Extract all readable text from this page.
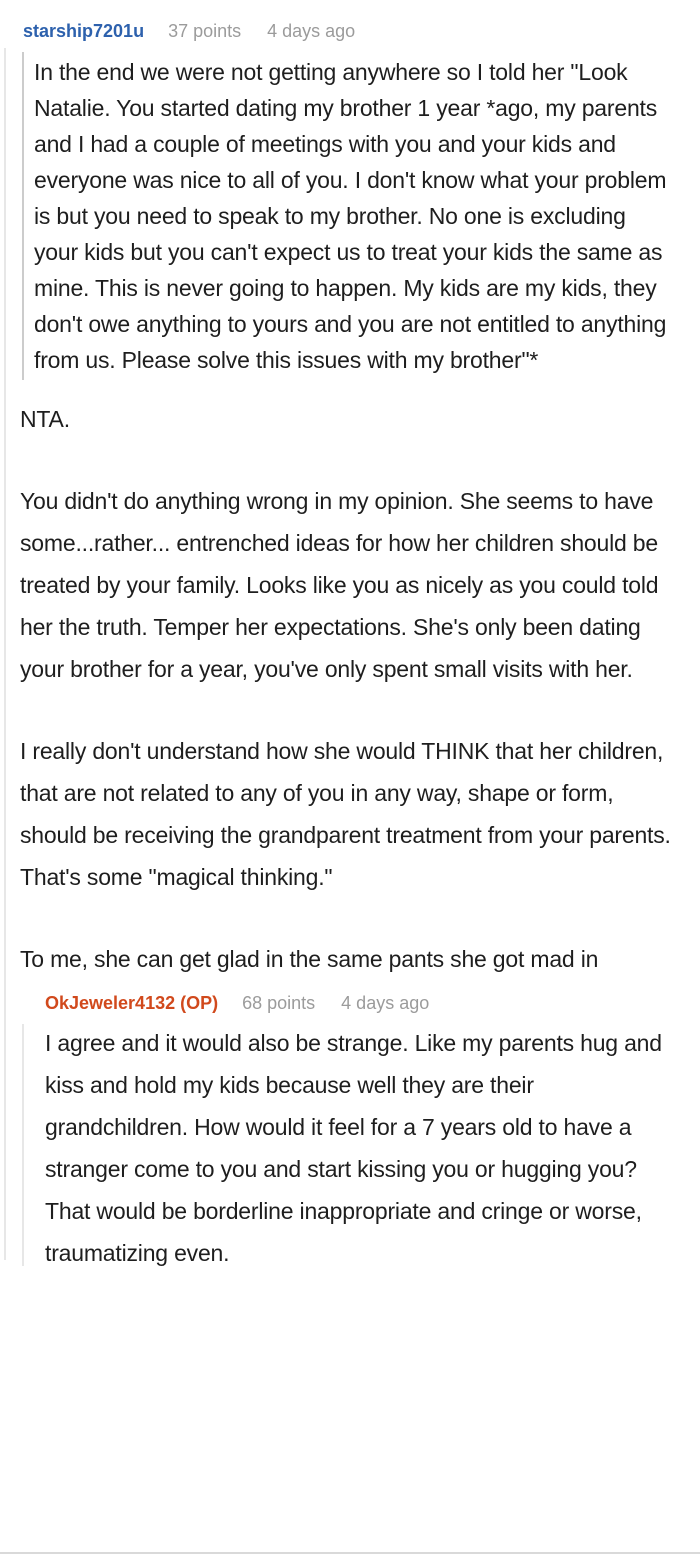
starship7201u 37 points 4 days ago
In the end we were not getting anywhere so I told her "Look Natalie. You started dating my brother 1 year *ago, my parents and I had a couple of meetings with you and your kids and everyone was nice to all of you. I don't know what your problem is but you need to speak to my brother. No one is excluding your kids but you can't expect us to treat your kids the same as mine. This is never going to happen. My kids are my kids, they don't owe anything to yours and you are not entitled to anything from us. Please solve this issues with my brother"*

NTA.

You didn't do anything wrong in my opinion. She seems to have some...rather... entrenched ideas for how her children should be treated by your family. Looks like you as nicely as you could told her the truth. Temper her expectations. She's only been dating your brother for a year, you've only spent small visits with her.

I really don't understand how she would THINK that her children, that are not related to any of you in any way, shape or form, should be receiving the grandparent treatment from your parents. That's some "magical thinking."

To me, she can get glad in the same pants she got mad in

OkJeweler4132 (OP) 68 points 4 days ago

I agree and it would also be strange. Like my parents hug and kiss and hold my kids because well they are their grandchildren. How would it feel for a 7 years old to have a stranger come to you and start kissing you or hugging you? That would be borderline inappropriate and cringe or worse, traumatizing even.
